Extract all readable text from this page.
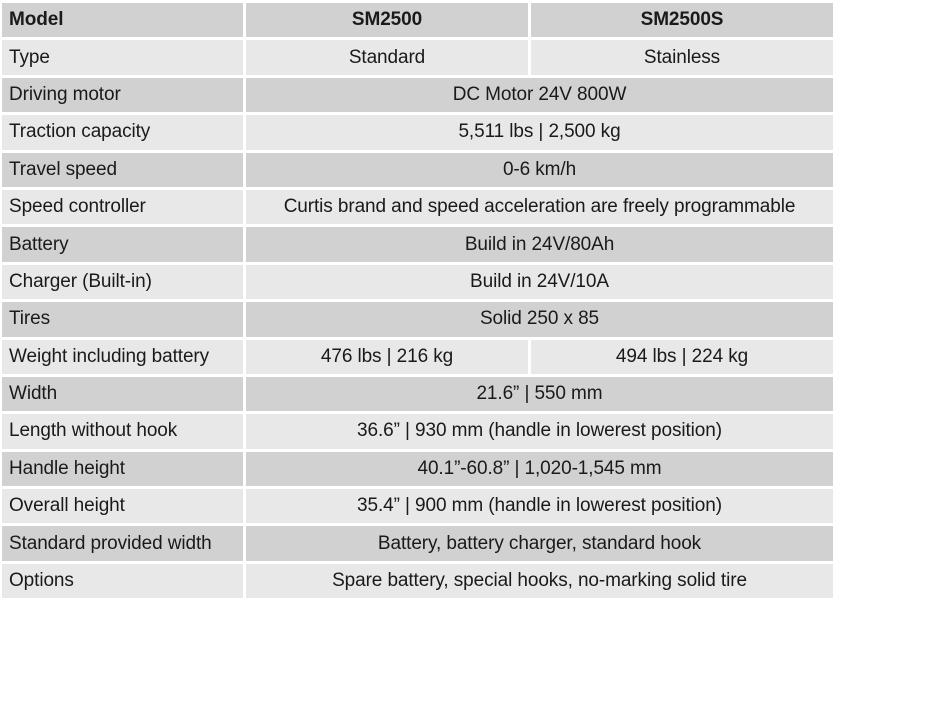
Model	SM2500	SM2500S
Type	Standard	Stainless
Driving motor	DC Motor 24V 800W	
Traction capacity	5,511 lbs | 2,500 kg	
Travel speed	0-6 km/h	
Speed controller	Curtis brand and speed acceleration are freely programmable	
Battery	Build in 24V/80Ah	
Charger (Built-in)	Build in 24V/10A	
Tires	Solid 250 x 85	
Weight including battery	476 lbs | 216 kg	494 lbs | 224 kg
Width	21.6” | 550 mm	
Length without hook	36.6” | 930 mm (handle in lowerest position)	
Handle height	40.1”-60.8” | 1,020-1,545 mm	
Overall height	35.4” | 900 mm (handle in lowerest position)	
Standard provided width	Battery, battery charger, standard hook	
Options	Spare battery, special hooks, no-marking solid tire	
